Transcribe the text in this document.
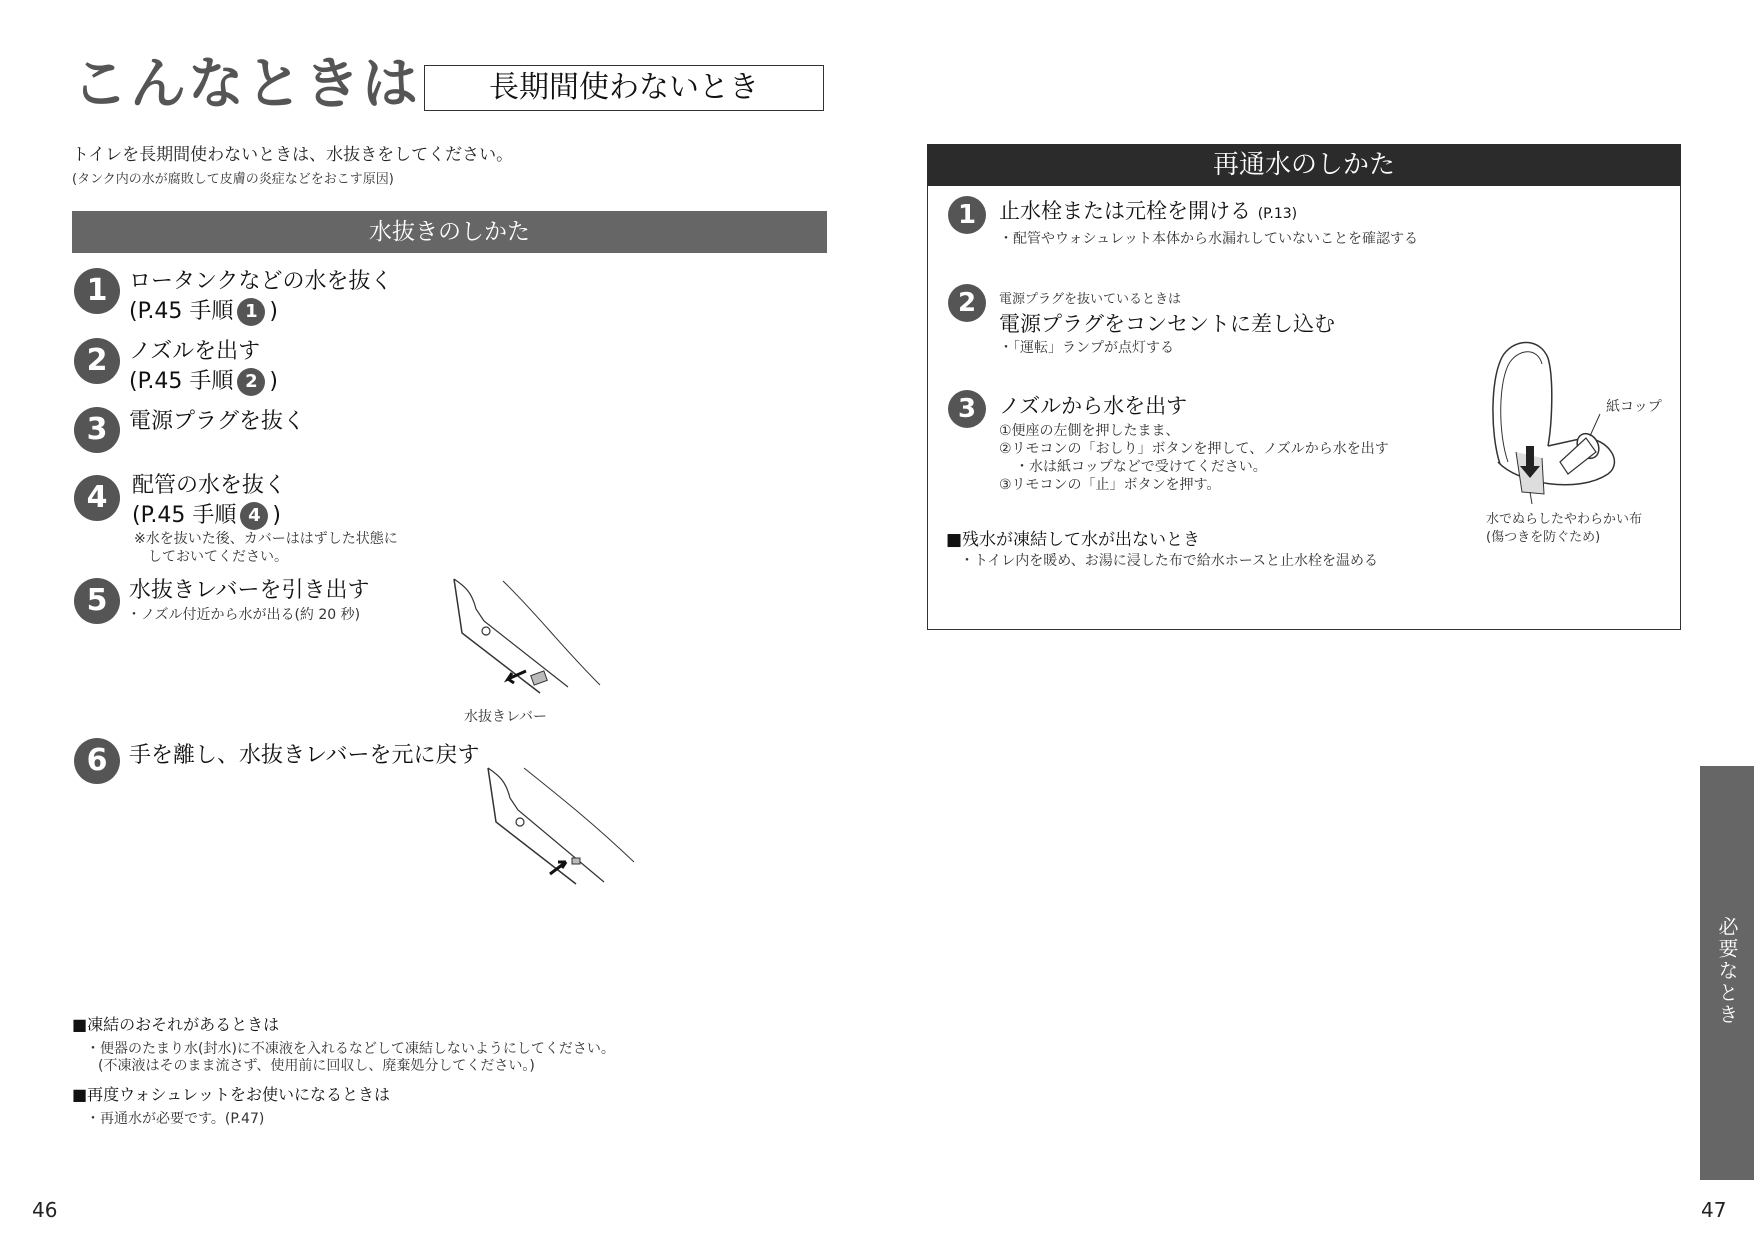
こんなときは	長期間使わないとき
トイレを長期間使わないときは、水抜きをしてください。
(タンク内の水が腐敗して皮膚の炎症などをおこす原因)
水抜きのしかた
1 ロータンクなどの水を抜く
(P.45 手順 1 )
2 ノズルを出す
(P.45 手順 2 )
3 電源プラグを抜く
4	配管の水を抜く
(P.45 手順 4 )
※水を抜いた後、カバーははずした状態に
しておいてください。
5 水抜きレバーを引き出す
・ノズル付近から水が出る(約 20 秒)
水抜きレバー
6 手を離し、水抜きレバーを元に戻す
■凍結のおそれがあるときは
・便器のたまり水(封水)に不凍液を入れるなどして凍結しないようにしてください。
(不凍液はそのまま流さず、使用前に回収し、廃棄処分してください。)
■再度ウォシュレットをお使いになるときは
・再通水が必要です。(P.47)
再通水のしかた
1	止水栓または元栓を開ける (P.13)
・配管やウォシュレット本体から水漏れしていないことを確認する
2	電源プラグを抜いているときは
電源プラグをコンセントに差し込む
・「運転」ランプが点灯する
3	ノズルから水を出す
①便座の左側を押したまま、
②リモコンの「おしり」ボタンを押して、ノズルから水を出す
・水は紙コップなどで受けてください。
③リモコンの「止」ボタンを押す。
紙コップ
水でぬらしたやわらかい布
(傷つきを防ぐため)
■残水が凍結して水が出ないとき
・トイレ内を暖め、お湯に浸した布で給水ホースと止水栓を温める
必要なとき
46	47
